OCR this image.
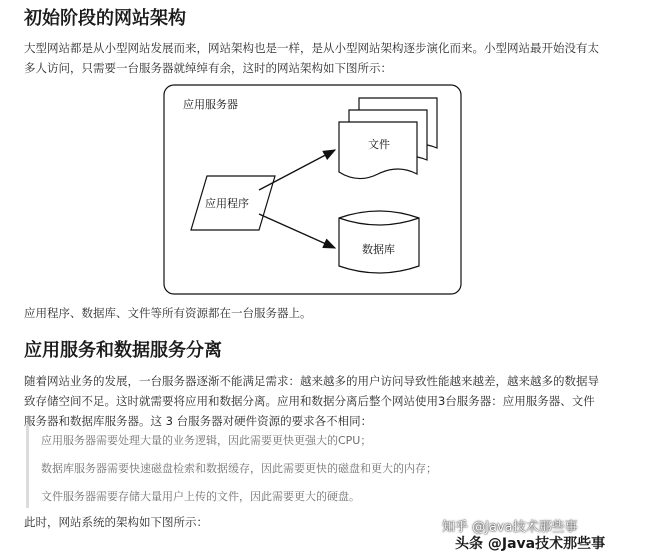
初始阶段的网站架构
大型网站都是从小型网站发展而来，网站架构也是一样，是从小型网站架构逐步演化而来。小型网站最开始没有太
多人访问，只需要一台服务器就绰绰有余，这时的网站架构如下图所示：
应用服务器
应用程序
文件
数据库
应用程序、数据库、文件等所有资源都在一台服务器上。
应用服务和数据服务分离
随着网站业务的发展，一台服务器逐渐不能满足需求：越来越多的用户访问导致性能越来越差，越来越多的数据导
致存储空间不足。这时就需要将应用和数据分离。应用和数据分离后整个网站使用3台服务器：应用服务器、文件
服务器和数据库服务器。这 3 台服务器对硬件资源的要求各不相同：
应用服务器需要处理大量的业务逻辑，因此需要更快更强大的CPU；
数据库服务器需要快速磁盘检索和数据缓存，因此需要更快的磁盘和更大的内存；
文件服务器需要存储大量用户上传的文件，因此需要更大的硬盘。
此时，网站系统的架构如下图所示：	知乎 @Java技术那些事
头条 @Java技术那些事
